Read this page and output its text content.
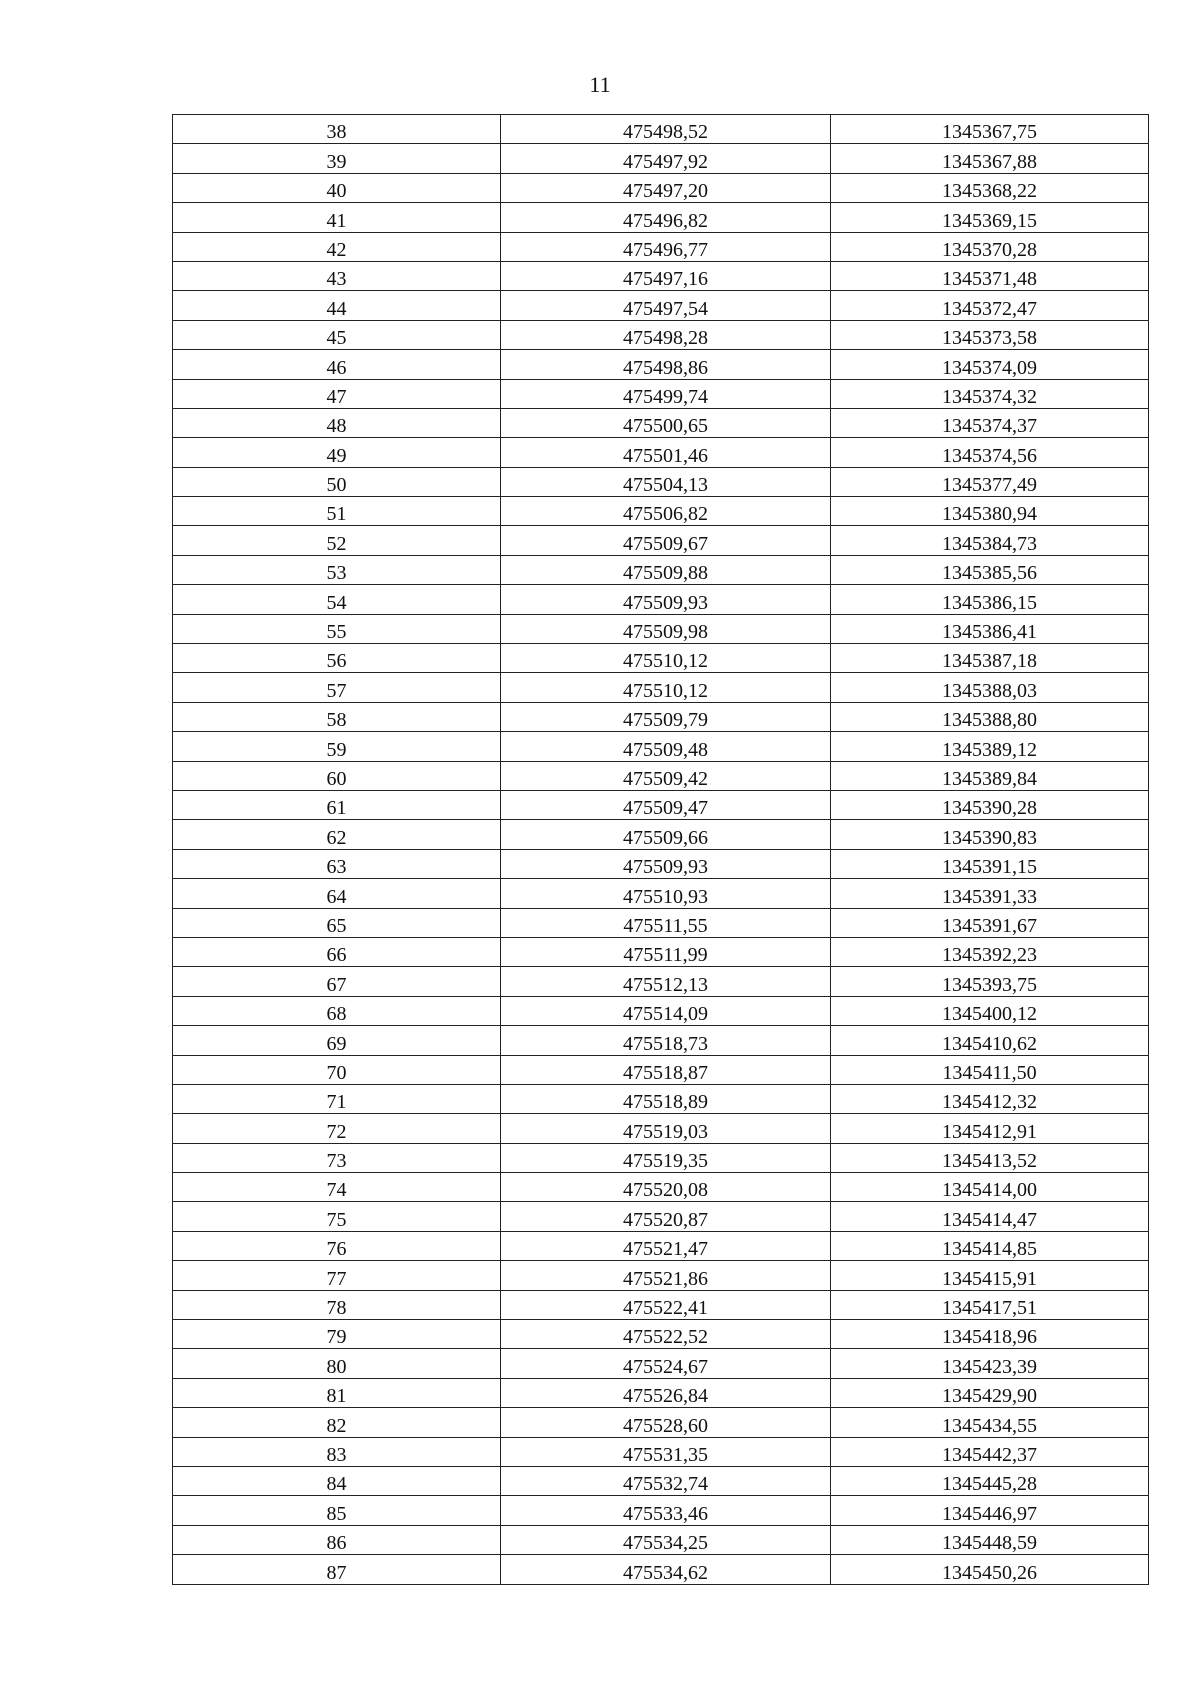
11
38	475498,52	1345367,75
39	475497,92	1345367,88
40	475497,20	1345368,22
41	475496,82	1345369,15
42	475496,77	1345370,28
43	475497,16	1345371,48
44	475497,54	1345372,47
45	475498,28	1345373,58
46	475498,86	1345374,09
47	475499,74	1345374,32
48	475500,65	1345374,37
49	475501,46	1345374,56
50	475504,13	1345377,49
51	475506,82	1345380,94
52	475509,67	1345384,73
53	475509,88	1345385,56
54	475509,93	1345386,15
55	475509,98	1345386,41
56	475510,12	1345387,18
57	475510,12	1345388,03
58	475509,79	1345388,80
59	475509,48	1345389,12
60	475509,42	1345389,84
61	475509,47	1345390,28
62	475509,66	1345390,83
63	475509,93	1345391,15
64	475510,93	1345391,33
65	475511,55	1345391,67
66	475511,99	1345392,23
67	475512,13	1345393,75
68	475514,09	1345400,12
69	475518,73	1345410,62
70	475518,87	1345411,50
71	475518,89	1345412,32
72	475519,03	1345412,91
73	475519,35	1345413,52
74	475520,08	1345414,00
75	475520,87	1345414,47
76	475521,47	1345414,85
77	475521,86	1345415,91
78	475522,41	1345417,51
79	475522,52	1345418,96
80	475524,67	1345423,39
81	475526,84	1345429,90
82	475528,60	1345434,55
83	475531,35	1345442,37
84	475532,74	1345445,28
85	475533,46	1345446,97
86	475534,25	1345448,59
87	475534,62	1345450,26
